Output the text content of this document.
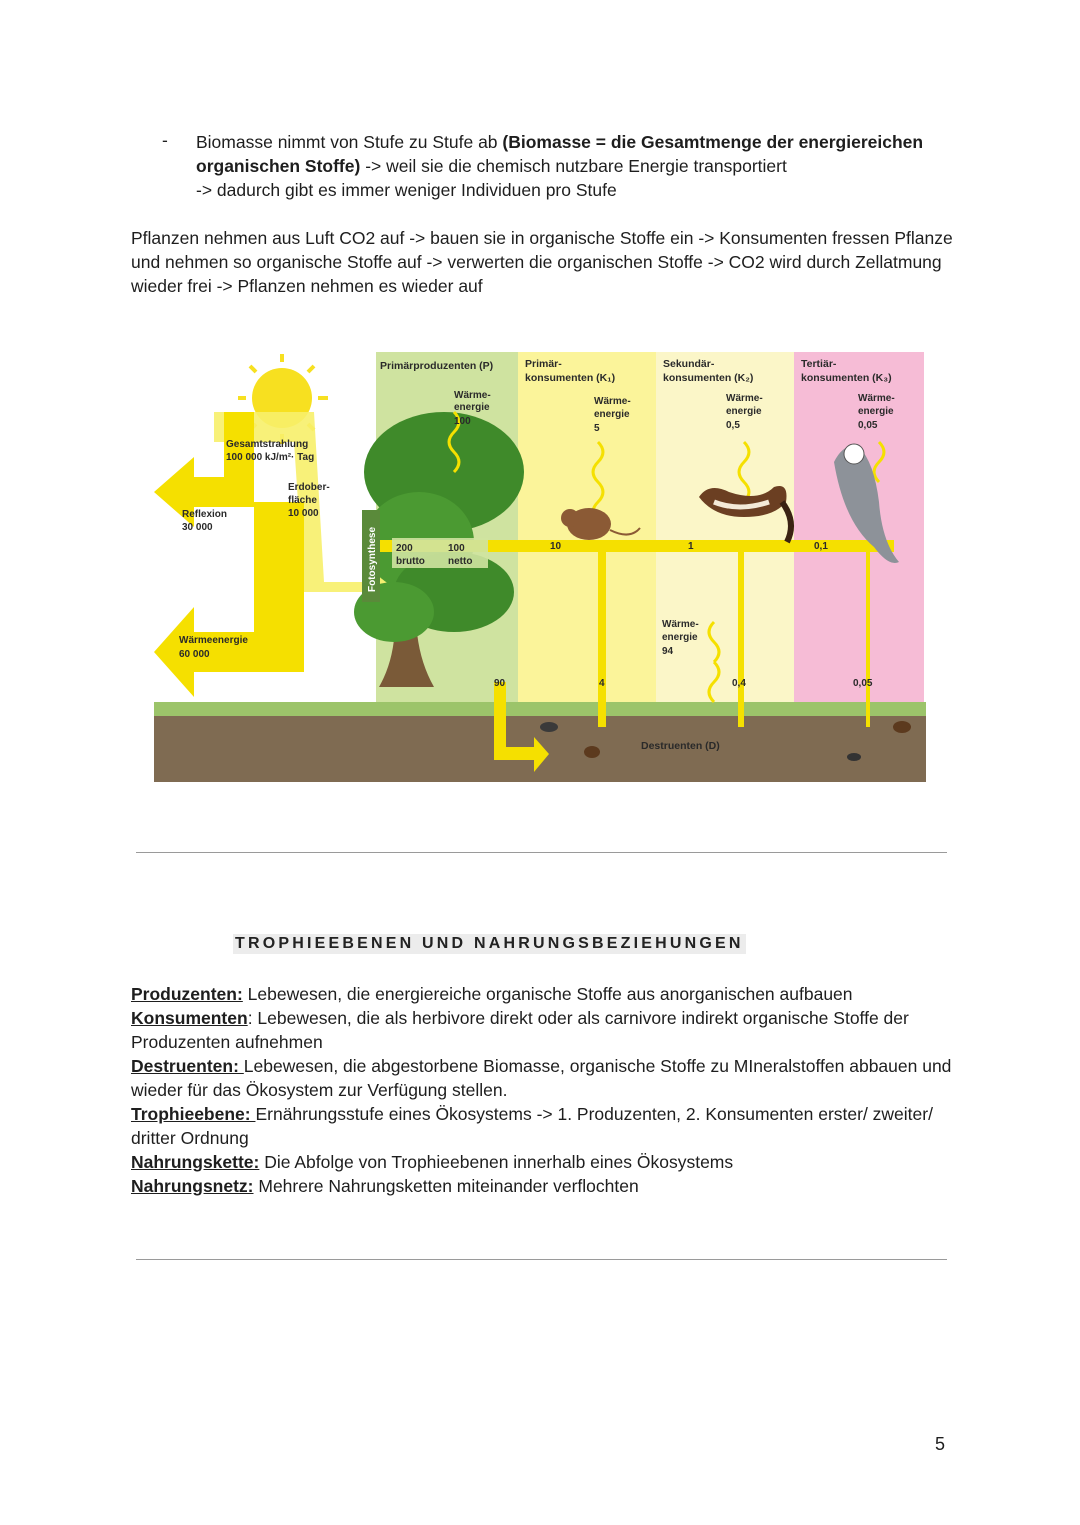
- Biomasse nimmt von Stufe zu Stufe ab (Biomasse = die Gesamtmenge der energiereichen organischen Stoffe) -> weil sie die chemisch nutzbare Energie transportiert
-> dadurch gibt es immer weniger Individuen pro Stufe
Pflanzen nehmen aus Luft CO2 auf -> bauen sie in organische Stoffe ein -> Konsumenten fressen Pflanze und nehmen so organische Stoffe auf -> verwerten die organischen Stoffe -> CO2 wird durch Zellatmung wieder frei -> Pflanzen nehmen es wieder auf
Primärproduzenten (P)	Primär-
konsumenten (K₁)
Sekundär-
konsumenten (K₂)
Tertiär-
konsumenten (K₃)
Wärme-
energie
100
Wärme-
energie
5
Wärme-
energie
0,5
Wärme-
energie
0,05
Wärme-
energie
94
Gesamtstrahlung
100 000 kJ/m²· Tag
Erdober-
fläche
10 000
Reflexion
30 000
Wärmeenergie
60 000
Fotosynthese 200
brutto
100
netto
10	1	0,1
90	4	0,4	0,05
Destruenten (D)
TROPHIEEBENEN UND NAHRUNGSBEZIEHUNGEN
Produzenten: Lebewesen, die energiereiche organische Stoffe aus anorganischen aufbauen
Konsumenten: Lebewesen, die als herbivore direkt oder als carnivore indirekt organische Stoffe der Produzenten aufnehmen
Destruenten: Lebewesen, die abgestorbene Biomasse, organische Stoffe zu MIneralstoffen abbauen und wieder für das Ökosystem zur Verfügung stellen.
Trophieebene: Ernährungsstufe eines Ökosystems -> 1. Produzenten, 2. Konsumenten erster/ zweiter/ dritter Ordnung
Nahrungskette: Die Abfolge von Trophieebenen innerhalb eines Ökosystems
Nahrungsnetz: Mehrere Nahrungsketten miteinander verflochten
5
